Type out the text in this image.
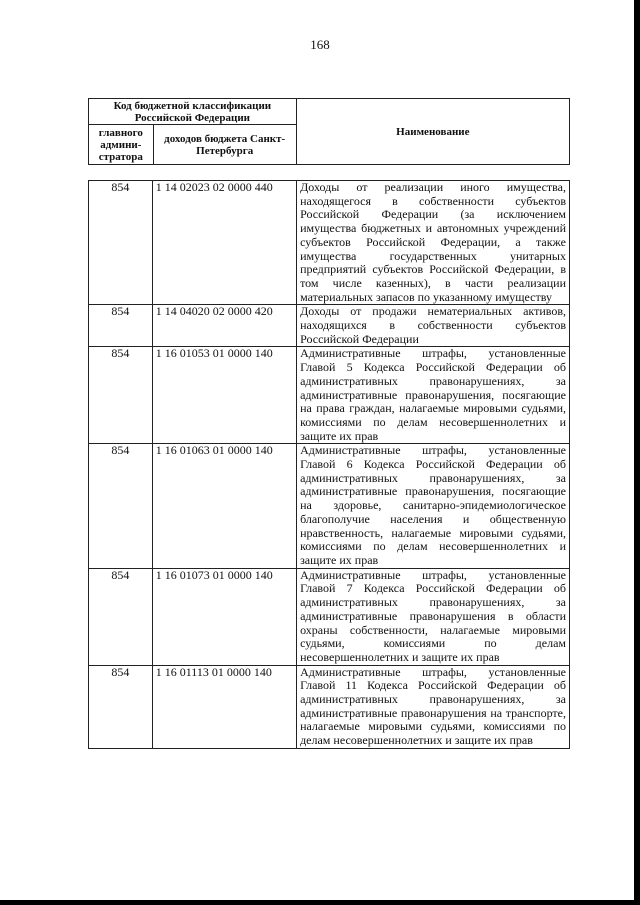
168
Код бюджетной классификации Российской Федерации		Наименование
главного админи-стратора	доходов бюджета Санкт-Петербурга	
854	1 14 02023 02 0000 440	Доходы от реализации иного имущества, находящегося в собственности субъектов Российской Федерации (за исключением имущества бюджетных и автономных учреждений субъектов Российской Федерации, а также имущества государственных унитарных предприятий субъектов Российской Федерации, в том числе казенных), в части реализации материальных запасов по указанному имуществу
854	1 14 04020 02 0000 420	Доходы от продажи нематериальных активов, находящихся в собственности субъектов Российской Федерации
854	1 16 01053 01 0000 140	Административные штрафы, установленные Главой 5 Кодекса Российской Федерации об административных правонарушениях, за административные правонарушения, посягающие на права граждан, налагаемые мировыми судьями, комиссиями по делам несовершеннолетних и защите их прав
854	1 16 01063 01 0000 140	Административные штрафы, установленные Главой 6 Кодекса Российской Федерации об административных правонарушениях, за административные правонарушения, посягающие на здоровье, санитарно-эпидемиологическое благополучие населения и общественную нравственность, налагаемые мировыми судьями, комиссиями по делам несовершеннолетних и защите их прав
854	1 16 01073 01 0000 140	Административные штрафы, установленные Главой 7 Кодекса Российской Федерации об административных правонарушениях, за административные правонарушения в области охраны собственности, налагаемые мировыми судьями, комиссиями по делам несовершеннолетних и защите их прав
854	1 16 01113 01 0000 140	Административные штрафы, установленные Главой 11 Кодекса Российской Федерации об административных правонарушениях, за административные правонарушения на транспорте, налагаемые мировыми судьями, комиссиями по делам несовершеннолетних и защите их прав
